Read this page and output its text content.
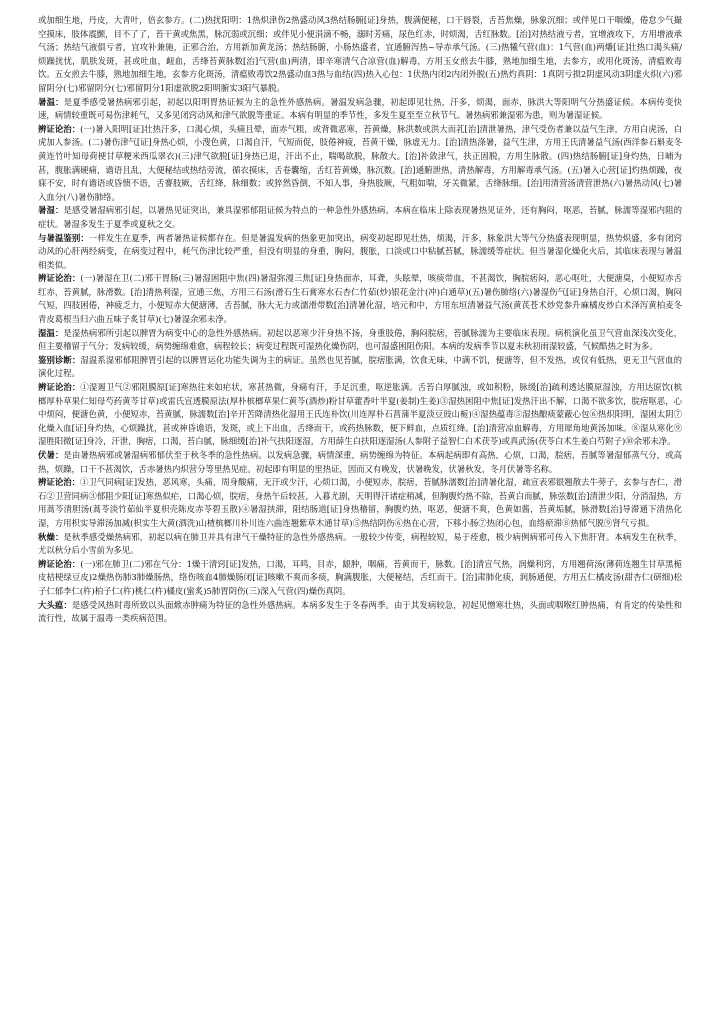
或加细生地，丹皮，大青叶，倍玄参方。(二)热扰阳明：1热炽津伤2热盛动风3热结肠腑[证]身热，腹满便秘，口干唇裂，舌苔焦燥，脉象沉细；或伴见口干咽燥，倦怠少气撮空摸床，肢体震颤，目不了了，苔干黄或焦黑，脉沉弱或沉细；或伴见小便涓滴不畅，溺时芳痛，尿色红赤，时烦渴，舌红脉数。[治]对热结液亏者，宜增液攻下，方用增液承气汤；热结气液俱亏者，宜攻补兼施，正邪合治，方用新加黄龙汤；热结肠腑，小肠热盛者，宜通腑泻热~导赤承气汤。(三)热犧气营(血)：1气营(血)两燔[证]壮热口渴头痛/烦躁扰忧，肌肤发斑，甚或吐血，衄血，舌绛苔黄脉数[治]气营(血)两清，即辛寒清气合凉营(血)解毒，方用玉女煎去牛膝，熟地加细生地，去参方，或用化斑汤，清瘟败毒饮。五女煎去牛膝，熟地加细生地，玄参方化斑汤，清瘟败毒饮2热盛动血3热与血结(四)热入心包：1伏热内闭2内闭外脱(五)热灼真阴：1真阴亏损2阴虚风动3阴虚火炽(六)邪留阴分(七)邪留阴分(七)邪留阴分1阳虚欲脱2阳明腑实3阳气暴脱。

暑温：是夏季感受暑热病邪引起，初起以阳明胃热证候为主的急性外感热病。暑温发病急骤，初起即见壮热，汗多，烦渴，面赤，脉洪大等阳明气分热盛证候。本病传变快速，病情较重既可易伤津耗气，又多见闭窍动风和津气欲脱等重证。本病有明显的季节性，多发生夏至至立秋节气。暑热病邪兼湿邪为患，则为暑湿证候。

辨证论治：(一)暑入阳明[证]壮热汗多，口渴心烦，头痛且晕，面赤气粗，或背微恶寒，苔黄燥，脉洪数或洪大而芤[治]清泄暑热，津气受伤者兼以益气生津，方用白虎汤，白虎加人参汤。(二)暑伤津气[证]身热心烦，小溲色黄，口渴自汗，气短而促，肢倦神疲，苔黄干燥，脉虚无力。[治]清热涤暑，益气生津，方用王氏清暑益气汤(西洋参石斛麦冬黄连竹叶知母荷梗甘草粳米西瓜翠衣)(三)津气欲脱[证]身热已退，汗出不止，喘喝欲脱，脉散大。[治]补敛津气，扶正固脱，方用生脉散。(四)热结肠腑[证]身灼热，日晡为甚，腹胀满硬痛，谵语且乱，大便秘结或热结旁流，循衣摸床，舌卷囊缩，舌红苔黄燥，脉沉数。[治]通腑泄热，清热解毒，方用解毒承气汤。(五)暑入心营[证]灼热烦躁，夜寐不安，时有谵语或昏愦不语，舌謇肢厥，舌红绛，脉细数；或猝然昏倒，不知人事，身热肢厥，气粗如喘，牙关微紧，舌绛脉细。[治]用清营汤清营泄热(六)暑热动风(七)暑入血分(八)暑伤肺络。

暑湿：是感受暑湿病邪引起，以暑热见证突出，兼具湿邪郁阻证候为特点的一种急性外感热病。本病在临床上除表现暑热见证外，还有胸闷，呕恶，苔腻，脉濡等湿邪内阻的症状。暑湿多发生于夏季或夏秋之交。

与暑温鉴别：一样发生在夏季，两者暑热证候都存在。但是暑温发病的热象更加突出，病变初起即见壮热，烦渴，汗多，脉象洪大等气分热盛表现明显，热势炽盛，多有闭窍动风的心肝两经病变，在病变过程中，耗气伤津比较严重，但没有明显的身重，胸闷，腹胀，口淡或口中粘腻苔腻，脉濡缓等症状。但当暑湿化燥化火后，其临床表现与暑温相类似。

辨证论治：(一)暑湿在卫(二)邪干胃肠(三)暑湿困阻中焦(四)暑湿弥漫三焦[证]身热面赤，耳聋，头眩晕，咳痰带血，不甚渴饮，胸脘痞闷，恶心呕吐，大便溏臭，小便短赤舌红赤，苔黄腻，脉滑数。[治]清热利湿，宣通三焦，方用三石汤(滑石生石膏寒水石杏仁竹茹(炒)银花金汁(冲)白通草)(五)暑伤肺络(六)暑湿伤气[证]身热自汗，心烦口渴，胸闷气短，四肢困倦，神疲乏力，小便短赤大便溏薄，舌苔腻，脉大无力或濡滑带数[治]清暑化湿，培元和中，方用东垣清暑益气汤(黄芪苍术炒党参升麻橘皮炒白术泽泻黄柏麦冬青皮葛根当归六曲五味子炙甘草)(七)暑湿余邪未净。

湿温：是湿热病邪所引起以脾胃为病变中心的急性外感热病。初起以恶寒少汗身热不扬，身重肢倦，胸闷脘痞，苔腻脉濡为主要临床表现。病机演化虽卫气营血深浅次变化，但主要稽留于气分；发病较缓，病势缠绵难愈，病程较长；病变过程既可湿热化燥伤阴，也可湿盛困阻伤阳。本病的发病季节以夏末秋初雨湿较盛，气候酷热之时为多。

鉴别诊断：湿温系湿邪郁阻脾胃引起的以脾胃运化功能失调为主的病证。虽然也见苔腻，脘痞胀满，饮食无味，中满不饥，便溏等，但不发热，或仅有低热，更无卫气营血的演化过程。

辨证论治：①湿遏卫气②邪阻膜原[证]寒热往来如疟状，寒甚热微，身痛有汗，手足沉重，呕逆胀满。舌苔白厚腻浊，或如积粉，脉缓[治]疏利透达膜原湿浊，方用达原饮(槟榔厚朴草果仁知母芍药黄芩甘草)或雷氏宣透膜原法(厚朴槟榔草果仁黄芩(酒炒)粉甘草藿香叶半夏(姜制)生姜)③湿热困阻中焦[证]发热汗出不解，口渴不欲多饮，脘痞呕恶，心中烦闷，便溏色黄，小便短赤，苔黄腻，脉濡数[治]辛开苦降清热化湿用王氏连朴饮(川连厚朴石菖蒲半夏淡豆豉山栀)④湿热蕴毒⑤湿热酿痰蒙蔽心包⑥热炽阳明，湿困太阴⑦化燥入血[证]身灼热，心烦躁扰，甚或神昏谵语，发斑，或上下出血，舌绛而干，或药热脉数，便下鲜血，点质红绛。[治]清营凉血解毒，方用犀角地黄汤加味。⑧湿从寒化⑨湿胜阳微[证]身冷，汗泄，胸痞，口渴，苔白腻，脉细缓[治]补气扶阳逐湿，方用薛生白扶阳逐湿汤(人参附子益智仁白术茯苓)或真武汤(茯苓白术生姜白芍附子)⑩余邪未净。

伏暑：是由暑热病邪或暑湿病邪郁伏至于秋冬季的急性热病。以发病急骤，病情深重，病势缠绵为特征。本病起病即有高热，心烦，口渴，脘痞，苔腻等暑湿郁蒸气分，或高热，烦躁，口干不甚渴饮，舌赤暑热内炽营分等里热见症。初起即有明显的里热证，因而又有晚发，伏暑晚发，伏暑秋发，冬月伏暑等名称。

辨证论治：①卫气同病[证]发热，恶风寒，头痛，周身酸痛，无汗或少汗，心烦口渴，小便短赤，脘痞，苔腻脉濡数[治]清暑化湿，疏宣表邪银翘散去牛蒡子，玄参与杏仁，滑石②卫营同病③郁阻少阳[证]寒热似疟，口渴心烦，脘痞，身热午后较甚，入暮尤剧，天明得汗诸症稍减，但胸腹灼热不除，苔黄白而腻，脉弦数[治]清泄少阳，分消湿热，方用蒿芩清胆汤(蒿苓淡竹茹仙半夏枳壳陈皮赤苓碧玉散)④暑湿挟滞，阻结肠道[证]身热稽留，胸腹灼热，呕恶，便溏不爽，色黄如酱，苔黄垢腻，脉滑数[治]导滞通下清热化湿，方用枳实导滞汤加减(枳实生大黄(酒洗)山楂槟榔川朴川连六曲连翘紫草木通甘草)⑤热结阴伤⑥热在心营，下移小肠⑦热闭心包，血络瘀滞⑧热郁气脱⑨肾气亏损。

秋燥：是秋季感受燥热病邪，初起以病在肺卫并具有津气干燥特征的急性外感热病。一般较少传变，病程较短，易于痊愈，极少病例病邪可传入下焦肝肾。本病发生在秋季，尤以秋分后小雪前为多见。

辨证论治：(一)邪在肺卫(二)邪在气分：1燥干清窍[证]发热，口渴，耳鸣，目赤，龈肿，咽痛，苔黄而干，脉数。[治]清宣气热，润燥利窍，方用翘荷汤(薄荷连翘生甘草黑栀皮桔梗绿豆皮)2燥热伤肺3肺燥肠热，络伤咳血4肺燥肠闭[证]咳嗽不爽而多痰，胸满腹胀，大便秘结，舌红而干。[治]肃肺化痰，润肠通便，方用五仁橘皮汤(甜杏仁(研细)松子仁郁李仁(杵)柏子仁(杵)桃仁(杵)橘皮(蜜炙)5肺胃阴伤(三)深入气营(四)燥伤真阴。

大头瘟：是感受风热时毒所致以头面焮赤肿痛为特征的急性外感热病。本病多发生于冬春两季。由于其发病较急，初起见憎寒壮热，头面或咽喉红肿热痛，有肯定的传染性和流行性，故属于温毒一类疾病范围。
